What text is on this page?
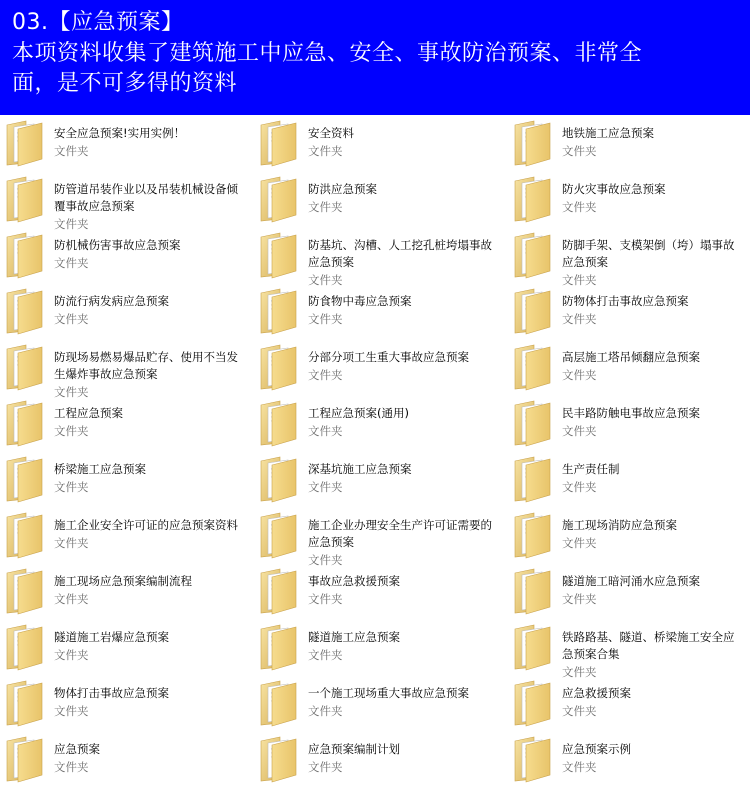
03.【应急预案】
本项资料收集了建筑施工中应急、安全、事故防治预案、非常全
面，是不可多得的资料
安全应急预案!实用实例！
文件夹
安全资料
文件夹
地铁施工应急预案
文件夹
防管道吊装作业以及吊装机械设备倾覆事故应急预案
文件夹
防洪应急预案
文件夹
防火灾事故应急预案
文件夹
防机械伤害事故应急预案
文件夹
防基坑、沟槽、人工挖孔桩垮塌事故应急预案
文件夹
防脚手架、支模架倒（垮）塌事故应急预案
文件夹
防流行病发病应急预案
文件夹
防食物中毒应急预案
文件夹
防物体打击事故应急预案
文件夹
防现场易燃易爆品贮存、使用不当发生爆炸事故应急预案
文件夹
分部分项工生重大事故应急预案
文件夹
高层施工塔吊倾翻应急预案
文件夹
工程应急预案
文件夹
工程应急预案(通用)
文件夹
民丰路防触电事故应急预案
文件夹
桥梁施工应急预案
文件夹
深基坑施工应急预案
文件夹
生产责任制
文件夹
施工企业安全许可证的应急预案资料
文件夹
施工企业办理安全生产许可证需要的应急预案
文件夹
施工现场消防应急预案
文件夹
施工现场应急预案编制流程
文件夹
事故应急救援预案
文件夹
隧道施工暗河涌水应急预案
文件夹
隧道施工岩爆应急预案
文件夹
隧道施工应急预案
文件夹
铁路路基、隧道、桥梁施工安全应急预案合集
文件夹
物体打击事故应急预案
文件夹
一个施工现场重大事故应急预案
文件夹
应急救援预案
文件夹
应急预案
文件夹
应急预案编制计划
文件夹
应急预案示例
文件夹
